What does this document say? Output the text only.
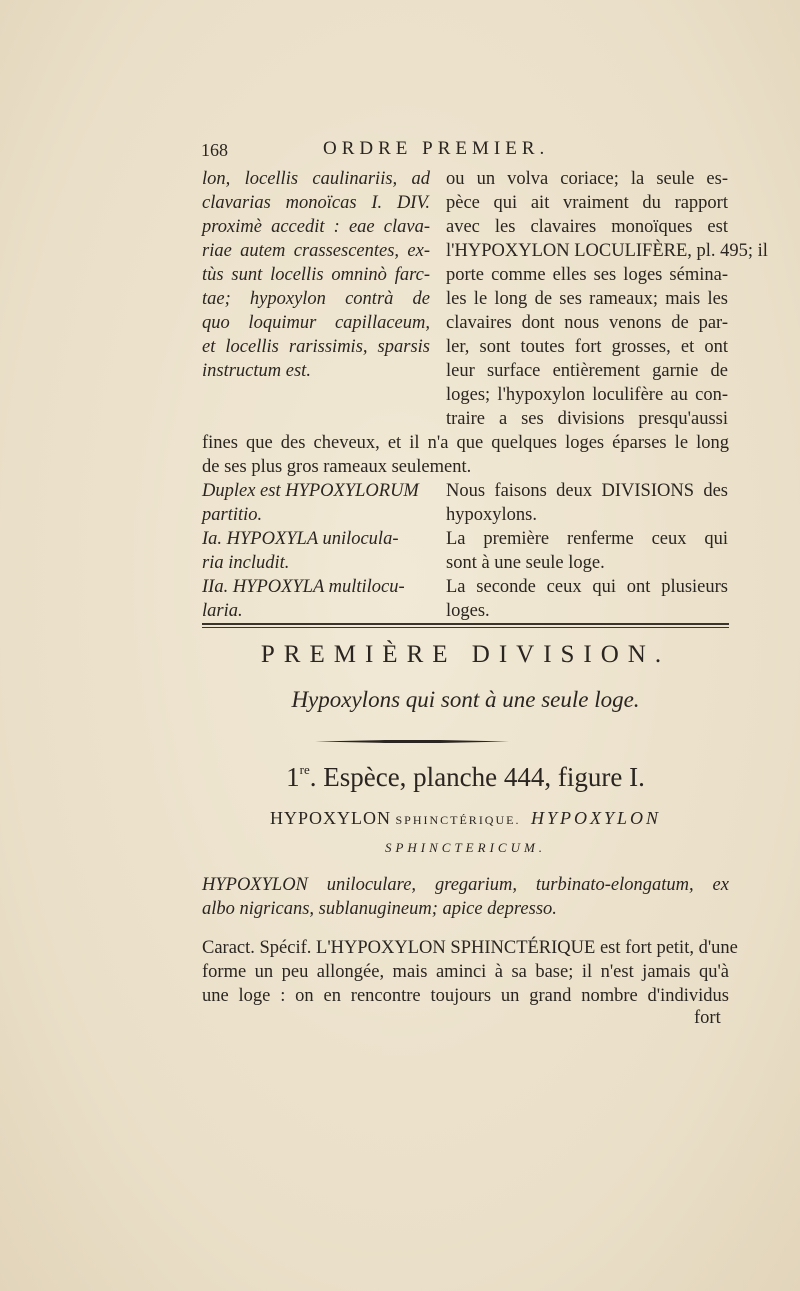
168	ORDRE PREMIER.
lon, locellis caulinariis, ad
clavarias monoïcas I. DIV.
proximè accedit : eae clava-
riae autem crassescentes, ex-
tùs sunt locellis omninò farc-
tae; hypoxylon contrà de
quo loquimur capillaceum,
et locellis rarissimis, sparsis
instructum est.
ou un volva coriace; la seule es-
pèce qui ait vraiment du rapport
avec les clavaires monoïques est
l'HYPOXYLON LOCULIFÈRE, pl. 495; il
porte comme elles ses loges sémina-
les le long de ses rameaux; mais les
clavaires dont nous venons de par-
ler, sont toutes fort grosses, et ont
leur surface entièrement garnie de
loges; l'hypoxylon loculifère au con-
traire a ses divisions presqu'aussi
fines que des cheveux, et il n'a que quelques loges éparses le long
de ses plus gros rameaux seulement.
Duplex est HYPOXYLORUM
partitio.
Ia. HYPOXYLA unilocula-
ria includit.
IIa. HYPOXYLA multilocu-
laria.
Nous faisons deux DIVISIONS des
hypoxylons.
La première renferme ceux qui
sont à une seule loge.
La seconde ceux qui ont plusieurs
loges.
PREMIÈRE DIVISION.
Hypoxylons qui sont à une seule loge.
1re. Espèce, planche 444, figure I.
HYPOXYLON SPHINCTÉRIQUE. HYPOXYLON
SPHINCTERICUM.
HYPOXYLON uniloculare, gregarium, turbinato-elongatum, ex
albo nigricans, sublanugineum; apice depresso.
Caract. Spécif. L'HYPOXYLON SPHINCTÉRIQUE est fort petit, d'une
forme un peu allongée, mais aminci à sa base; il n'est jamais qu'à
une loge : on en rencontre toujours un grand nombre d'individus
fort
